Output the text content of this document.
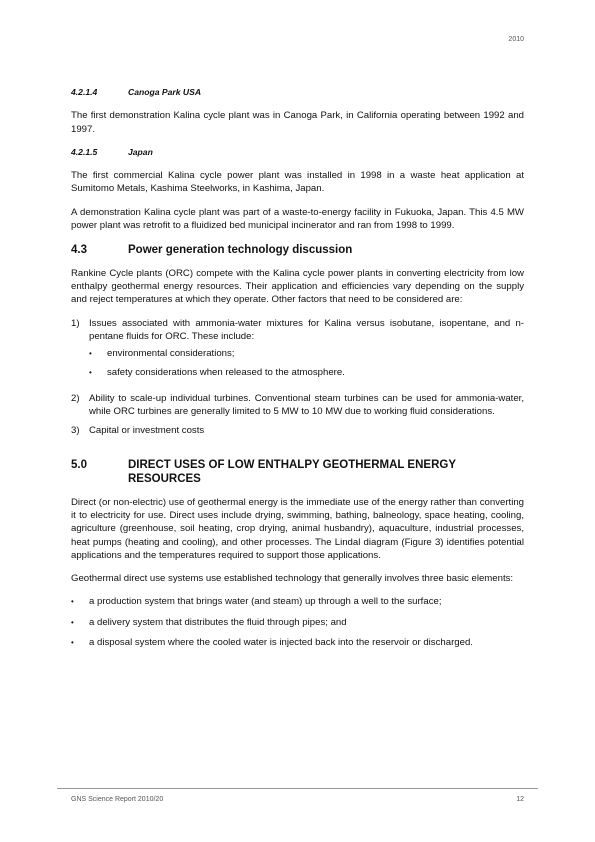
2010
4.2.1.4	Canoga Park USA

The first demonstration Kalina cycle plant was in Canoga Park, in California operating between 1992 and 1997.

4.2.1.5	Japan

The first commercial Kalina cycle power plant was installed in 1998 in a waste heat application at Sumitomo Metals, Kashima Steelworks, in Kashima, Japan.

A demonstration Kalina cycle plant was part of a waste-to-energy facility in Fukuoka, Japan. This 4.5 MW power plant was retrofit to a fluidized bed municipal incinerator and ran from 1998 to 1999.

4.3	Power generation technology discussion

Rankine Cycle plants (ORC) compete with the Kalina cycle power plants in converting electricity from low enthalpy geothermal energy resources. Their application and efficiencies vary depending on the supply and reject temperatures at which they operate. Other factors that need to be considered are:

1) Issues associated with ammonia-water mixtures for Kalina versus isobutane, isopentane, and n-pentane fluids for ORC. These include:
•	environmental considerations;
•	safety considerations when released to the atmosphere.
2) Ability to scale-up individual turbines. Conventional steam turbines can be used for ammonia-water, while ORC turbines are generally limited to 5 MW to 10 MW due to working fluid considerations.
3) Capital or investment costs
5.0	DIRECT USES OF LOW ENTHALPY GEOTHERMAL ENERGY RESOURCES

Direct (or non-electric) use of geothermal energy is the immediate use of the energy rather than converting it to electricity for use. Direct uses include drying, swimming, bathing, balneology, space heating, cooling, agriculture (greenhouse, soil heating, crop drying, animal husbandry), aquaculture, industrial processes, heat pumps (heating and cooling), and other processes. The Lindal diagram (Figure 3) identifies potential applications and the temperatures required to support those applications.

Geothermal direct use systems use established technology that generally involves three basic elements:

•	a production system that brings water (and steam) up through a well to the surface;
•	a delivery system that distributes the fluid through pipes; and
•	a disposal system where the cooled water is injected back into the reservoir or discharged.
GNS Science Report 2010/20	12
